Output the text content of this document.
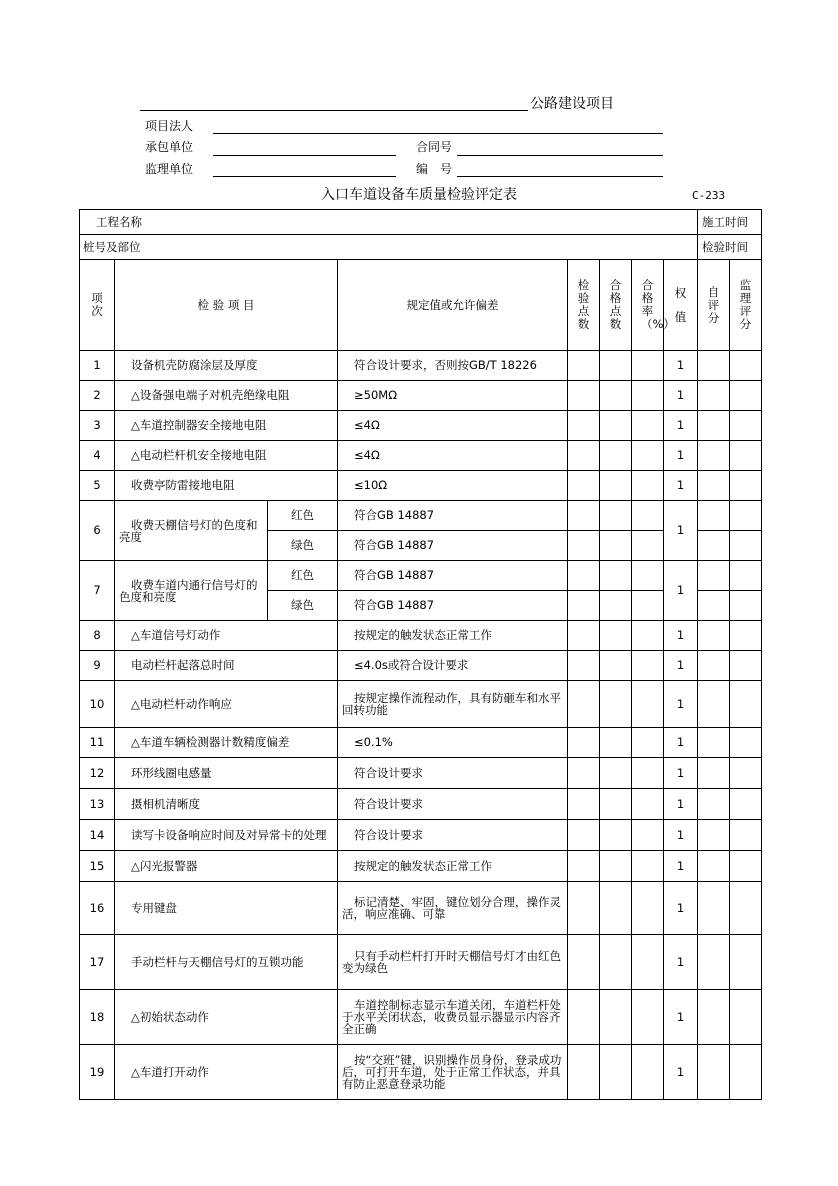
公路建设项目
项目法人
承包单位	合同号
监理单位	编　号
入口车道设备车质量检验评定表	C-233
工程名称								施工时间	
桩号及部位								检验时间	
项次	检 验 项 目		规定值或允许偏差	检验点数	合格点数	合格率（%）	权值	自评分	监理评分
1	设备机壳防腐涂层及厚度		符合设计要求，否则按GB/T 18226				1		
2	△设备强电端子对机壳绝缘电阻		≥50MΩ				1		
3	△车道控制器安全接地电阻		≤4Ω				1		
4	△电动栏杆机安全接地电阻		≤4Ω				1		
5	收费亭防雷接地电阻		≤10Ω				1		
6	收费天棚信号灯的色度和亮度	红色	符合GB 14887				1		
		绿色	符合GB 14887						
7	收费车道内通行信号灯的色度和亮度	红色	符合GB 14887				1		
		绿色	符合GB 14887						
8	△车道信号灯动作		按规定的触发状态正常工作				1		
9	电动栏杆起落总时间		≤4.0s或符合设计要求				1		
10	△电动栏杆动作响应		按规定操作流程动作，具有防砸车和水平回转功能				1		
11	△车道车辆检测器计数精度偏差		≤0.1%				1		
12	环形线圈电感量		符合设计要求				1		
13	摄相机清晰度		符合设计要求				1		
14	读写卡设备响应时间及对异常卡的处理		符合设计要求				1		
15	△闪光报警器		按规定的触发状态正常工作				1		
16	专用键盘		标记清楚、牢固，键位划分合理，操作灵活，响应准确、可靠				1		
17	手动栏杆与天棚信号灯的互锁功能		只有手动栏杆打开时天棚信号灯才由红色变为绿色				1		
18	△初始状态动作		车道控制标志显示车道关闭，车道栏杆处于水平关闭状态，收费员显示器显示内容齐全正确				1		
19	△车道打开动作		按“交班”键，识别操作员身份，登录成功后，可打开车道，处于正常工作状态，并具有防止恶意登录功能				1		
